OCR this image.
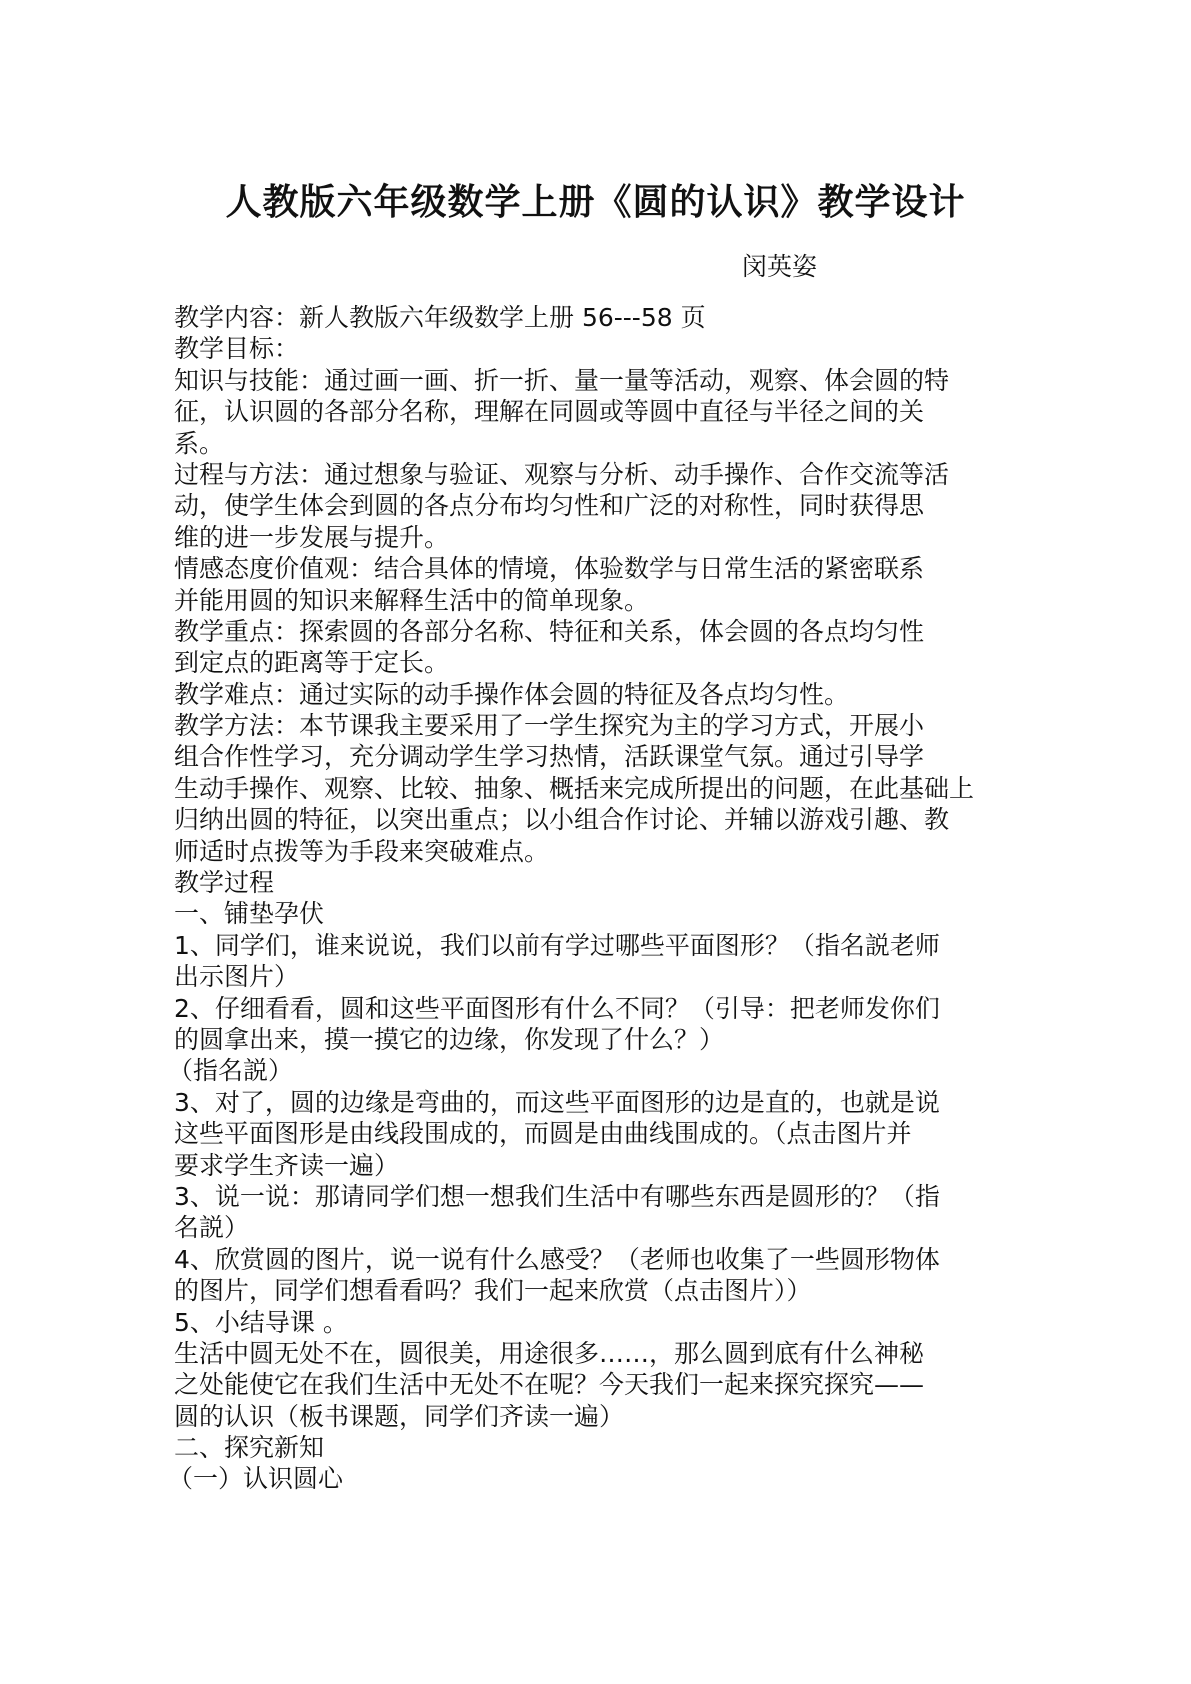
人教版六年级数学上册《圆的认识》教学设计
闵英姿
教学内容：新人教版六年级数学上册 56---58 页
教学目标：
知识与技能：通过画一画、折一折、量一量等活动，观察、体会圆的特
征，认识圆的各部分名称，理解在同圆或等圆中直径与半径之间的关
系。
过程与方法：通过想象与验证、观察与分析、动手操作、合作交流等活
动，使学生体会到圆的各点分布均匀性和广泛的对称性，同时获得思
维的进一步发展与提升。
情感态度价值观：结合具体的情境，体验数学与日常生活的紧密联系
并能用圆的知识来解释生活中的简单现象。
教学重点：探索圆的各部分名称、特征和关系，体会圆的各点均匀性
到定点的距离等于定长。
教学难点：通过实际的动手操作体会圆的特征及各点均匀性。
教学方法：本节课我主要采用了一学生探究为主的学习方式，开展小
组合作性学习，充分调动学生学习热情，活跃课堂气氛。通过引导学
生动手操作、观察、比较、抽象、概括来完成所提出的问题，在此基础上
归纳出圆的特征，以突出重点；以小组合作讨论、并辅以游戏引趣、教
师适时点拨等为手段来突破难点。
教学过程
一、铺垫孕伏
1、同学们，谁来说说，我们以前有学过哪些平面图形？（指名説老师
出示图片）
2、仔细看看，圆和这些平面图形有什么不同？（引导：把老师发你们
的圆拿出来，摸一摸它的边缘，你发现了什么？）
（指名説）
3、对了，圆的边缘是弯曲的，而这些平面图形的边是直的，也就是说
这些平面图形是由线段围成的，而圆是由曲线围成的。（点击图片并
要求学生齐读一遍）
3、说一说：那请同学们想一想我们生活中有哪些东西是圆形的？（指
名説）
4、欣赏圆的图片，说一说有什么感受？（老师也收集了一些圆形物体
的图片，同学们想看看吗？我们一起来欣赏（点击图片））
5、小结导课 。
生活中圆无处不在，圆很美，用途很多……，那么圆到底有什么神秘
之处能使它在我们生活中无处不在呢？今天我们一起来探究探究——
圆的认识（板书课题，同学们齐读一遍）
二、探究新知
（一）认识圆心
